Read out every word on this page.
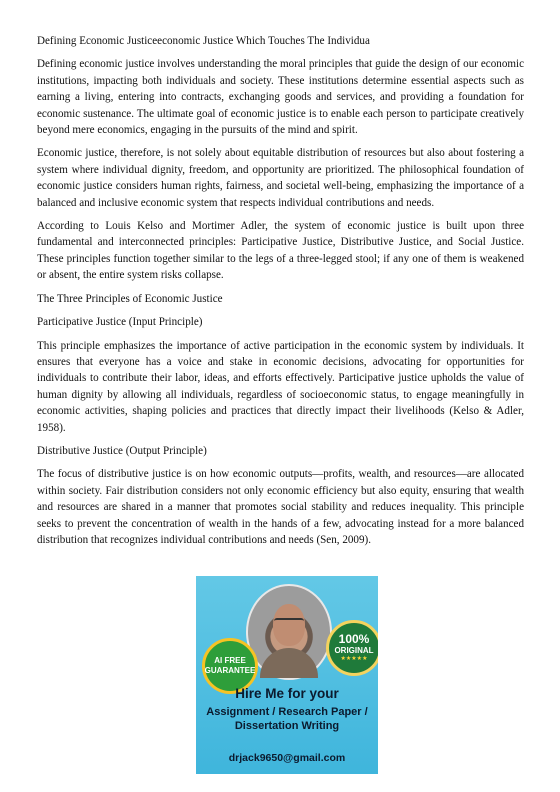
Defining Economic Justiceeconomic Justice Which Touches The Individua

Defining economic justice involves understanding the moral principles that guide the design of our economic institutions, impacting both individuals and society. These institutions determine essential aspects such as earning a living, entering into contracts, exchanging goods and services, and providing a foundation for economic sustenance. The ultimate goal of economic justice is to enable each person to participate creatively beyond mere economics, engaging in the pursuits of the mind and spirit.

Economic justice, therefore, is not solely about equitable distribution of resources but also about fostering a system where individual dignity, freedom, and opportunity are prioritized. The philosophical foundation of economic justice considers human rights, fairness, and societal well-being, emphasizing the importance of a balanced and inclusive economic system that respects individual contributions and needs.

According to Louis Kelso and Mortimer Adler, the system of economic justice is built upon three fundamental and interconnected principles: Participative Justice, Distributive Justice, and Social Justice. These principles function together similar to the legs of a three-legged stool; if any one of them is weakened or absent, the entire system risks collapse.

The Three Principles of Economic Justice

Participative Justice (Input Principle)

This principle emphasizes the importance of active participation in the economic system by individuals. It ensures that everyone has a voice and stake in economic decisions, advocating for opportunities for individuals to contribute their labor, ideas, and efforts effectively. Participative justice upholds the value of human dignity by allowing all individuals, regardless of socioeconomic status, to engage meaningfully in economic activities, shaping policies and practices that directly impact their livelihoods (Kelso & Adler, 1958).

Distributive Justice (Output Principle)

The focus of distributive justice is on how economic outputs—profits, wealth, and resources—are allocated within society. Fair distribution considers not only economic efficiency but also equity, ensuring that wealth and resources are shared in a manner that promotes social stability and reduces inequality. This principle seeks to prevent the concentration of wealth in the hands of a few, advocating instead for a more balanced distribution that recognizes individual contributions and needs (Sen, 2009).

AI FREE
GUARANTEE
100%
ORIGINAL
★★★★★
Hire Me for your
Assignment / Research Paper /
Dissertation Writing
drjack9650@gmail.com
